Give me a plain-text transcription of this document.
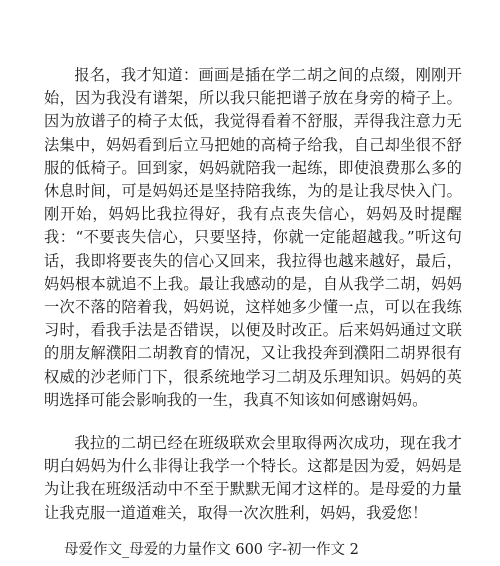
报名，我才知道：画画是插在学二胡之间的点缀，刚刚开始，因为我没有谱架，所以我只能把谱子放在身旁的椅子上。因为放谱子的椅子太低，我觉得看着不舒服，弄得我注意力无法集中，妈妈看到后立马把她的高椅子给我，自己却坐很不舒服的低椅子。回到家，妈妈就陪我一起练，即使浪费那么多的休息时间，可是妈妈还是坚持陪我练，为的是让我尽快入门。刚开始，妈妈比我拉得好，我有点丧失信心，妈妈及时提醒我：“不要丧失信心，只要坚持，你就一定能超越我。”听这句话，我即将要丧失的信心又回来，我拉得也越来越好，最后，妈妈根本就追不上我。最让我感动的是，自从我学二胡，妈妈一次不落的陪着我，妈妈说，这样她多少懂一点，可以在我练习时，看我手法是否错误，以便及时改正。后来妈妈通过文联的朋友解濮阳二胡教育的情况，又让我投奔到濮阳二胡界很有权威的沙老师门下，很系统地学习二胡及乐理知识。妈妈的英明选择可能会影响我的一生，我真不知该如何感谢妈妈。

我拉的二胡已经在班级联欢会里取得两次成功，现在我才明白妈妈为什么非得让我学一个特长。这都是因为爱，妈妈是为让我在班级活动中不至于默默无闻才这样的。是母爱的力量让我克服一道道难关，取得一次次胜利，妈妈，我爱您！

母爱作文_母爱的力量作文 600 字-初一作文 2
